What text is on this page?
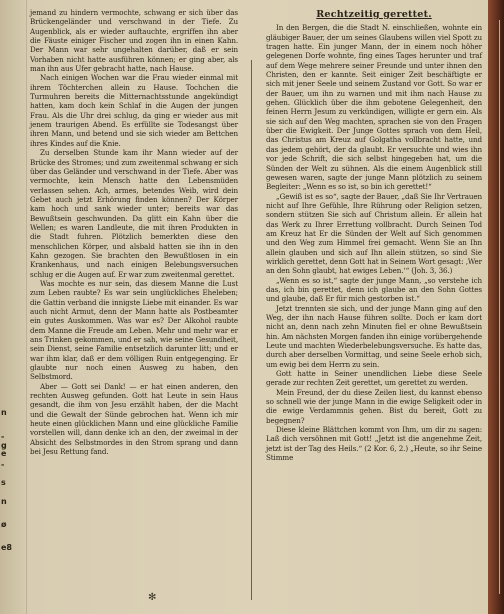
n
-
g
e
-
s
n
ø
e8

jemand zu hindern vermochte, schwang er sich über das Brückengeländer und verschwand in der Tiefe. Zu Augenblick, als er wieder auftauchte, ergriffen ihn aber die Fäuste einiger Fischer und zogen ihn in einen Kahn. Der Mann war sehr ungehalten darüber, daß er sein Vorhaben nicht hatte ausführen können; er ging aber, als man ihn aus Ufer gebracht hatte, nach Hause.

Nach einigen Wochen war die Frau wieder einmal mit ihrem Töchterchen allein zu Hause. Tochchen die Turmuhren bereits die Mitternachtsstunde angekündigt hatten, kam doch kein Schlaf in die Augen der jungen Frau. Als die Uhr drei schlug, da ging er wieder aus mit jenem traurigen Abend. Es erfüllte sie Todesangst über ihren Mann, und betend und sie sich wieder am Bettchen ihres Kindes auf die Knie.

Zu derselben Stunde kam ihr Mann wieder auf der Brücke des Stromes; und zum zweitenmal schwang er sich über das Geländer und verschwand in der Tiefe. Aber was vermochte, kein Mensch hatte den Lebensmüden verlassen sehen. Ach, armes, betendes Weib, wird dein Gebet auch jetzt Erhörung finden können? Der Körper kam hoch und sank wieder unter; bereits war das Bewußtsein geschwunden. Da glitt ein Kahn über die Wellen; es waren Landleute, die mit ihren Produkten in die Stadt fuhren. Plötzlich bemerkten diese den menschlichen Körper, und alsbald hatten sie ihn in den Kahn gezogen. Sie brachten den Bewußtlosen in ein Krankenhaus, und nach einigen Belebungsversuchen schlug er die Augen auf. Er war zum zweitenmal gerettet.

Was mochte es nur sein, das diesem Manne die Lust zum Leben raubte? Es war sein unglückliches Eheleben; die Gattin verband die innigste Liebe mit einander. Es war auch nicht Armut, denn der Mann hatte als Postbeamter ein gutes Auskommen. Was war es? Der Alkohol raubte dem Manne die Freude am Leben. Mehr und mehr war er ans Trinken gekommen, und er sah, wie seine Gesundheit, sein Dienst, seine Familie entsetzlich darunter litt; und er war ihm klar, daß er dem völligen Ruin entgegenging. Er glaubte nur noch einen Ausweg zu haben, den Selbstmord.

Aber — Gott sei Dank! — er hat einen anderen, den rechten Ausweg gefunden. Gott hat Leute in sein Haus gesandt, die ihm von Jesu erzählt haben, der die Macht und die Gewalt der Sünde gebrochen hat. Wenn ich mir heute einen glücklichen Mann und eine glückliche Familie vorstellen will, dann denke ich an den, der zweimal in der Absicht des Selbstmordes in den Strom sprang und dann bei Jesu Rettung fand.

Rechtzeitig gerettet.

In den Bergen, die die Stadt N. einschließen, wohnte ein gläubiger Bauer, der um seines Glaubens willen viel Spott zu tragen hatte. Ein junger Mann, der in einem noch höher gelegenen Dorfe wohnte, fing eines Tages herunter und traf auf dem Wege mehrere seiner Freunde und unter ihnen den Christen, den er kannte. Seit einiger Zeit beschäftigte er sich mit jener Seele und seinem Zustand vor Gott. So war er der Bauer, um ihn zu warnen und mit ihm nach Hause zu gehen. Glücklich über die ihm gebotene Gelegenheit, den feinen Herrn Jesum zu verkündigen, willigte er gern ein. Als sie sich auf den Weg machten, sprachen sie von den Fragen über die Ewigkeit. Der Junge Gottes sprach von dem Heil, das Christus am Kreuz auf Golgatha vollbracht hatte, und das jedem gehört, der da glaubt. Er versuchte und wies ihn vor jede Schrift, die sich selbst hingegeben hat, um die Sünden der Welt zu sühnen. Als die einem Augenblick still gewesen waren, sagte der junge Mann plötzlich zu seinem Begleiter: „Wenn es so ist, so bin ich gerettet!“

„Gewiß ist es so“, sagte der Bauer, „daß Sie Ihr Vertrauen nicht auf Ihre Gefühle, Ihre Rührung oder Religion setzen, sondern stützen Sie sich auf Christum allein. Er allein hat das Werk zu Ihrer Errettung vollbracht. Durch Seinen Tod am Kreuz hat Er die Sünden der Welt auf Sich genommen und den Weg zum Himmel frei gemacht. Wenn Sie an Ihn allein glauben und sich auf Ihn allein stützen, so sind Sie wirklich gerettet, denn Gott hat in Seinem Wort gesagt: ‚Wer an den Sohn glaubt, hat ewiges Leben.‘“ (Joh. 3, 36.)

„Wenn es so ist,“ sagte der junge Mann, „so verstehe ich das, ich bin gerettet, denn ich glaube an den Sohn Gottes und glaube, daß Er für mich gestorben ist.“

Jetzt trennten sie sich, und der junge Mann ging auf den Weg, der ihn nach Hause führen sollte. Doch er kam dort nicht an, denn nach zehn Minuten fiel er ohne Bewußtsein hin. Am nächsten Morgen fanden ihn einige vorübergehende Leute und machten Wiederbelebungsversuche. Es hatte das, durch aber derselben Vormittag, und seine Seele erhob sich, um ewig bei dem Herrn zu sein.

Gott hatte in Seiner unendlichen Liebe diese Seele gerade zur rechten Zeit gerettet, um gerettet zu werden.

Mein Freund, der du diese Zeilen liest, du kannst ebenso so schnell wie der junge Mann in die ewige Seligkeit oder in die ewige Verdammnis gehen. Bist du bereit, Gott zu begegnen?

Diese kleine Blättchen kommt von Ihm, um dir zu sagen: Laß dich versöhnen mit Gott! „Jetzt ist die angenehme Zeit, jetzt ist der Tag des Heils.“ (2 Kor. 6, 2.) „Heute, so ihr Seine Stimme

✻
